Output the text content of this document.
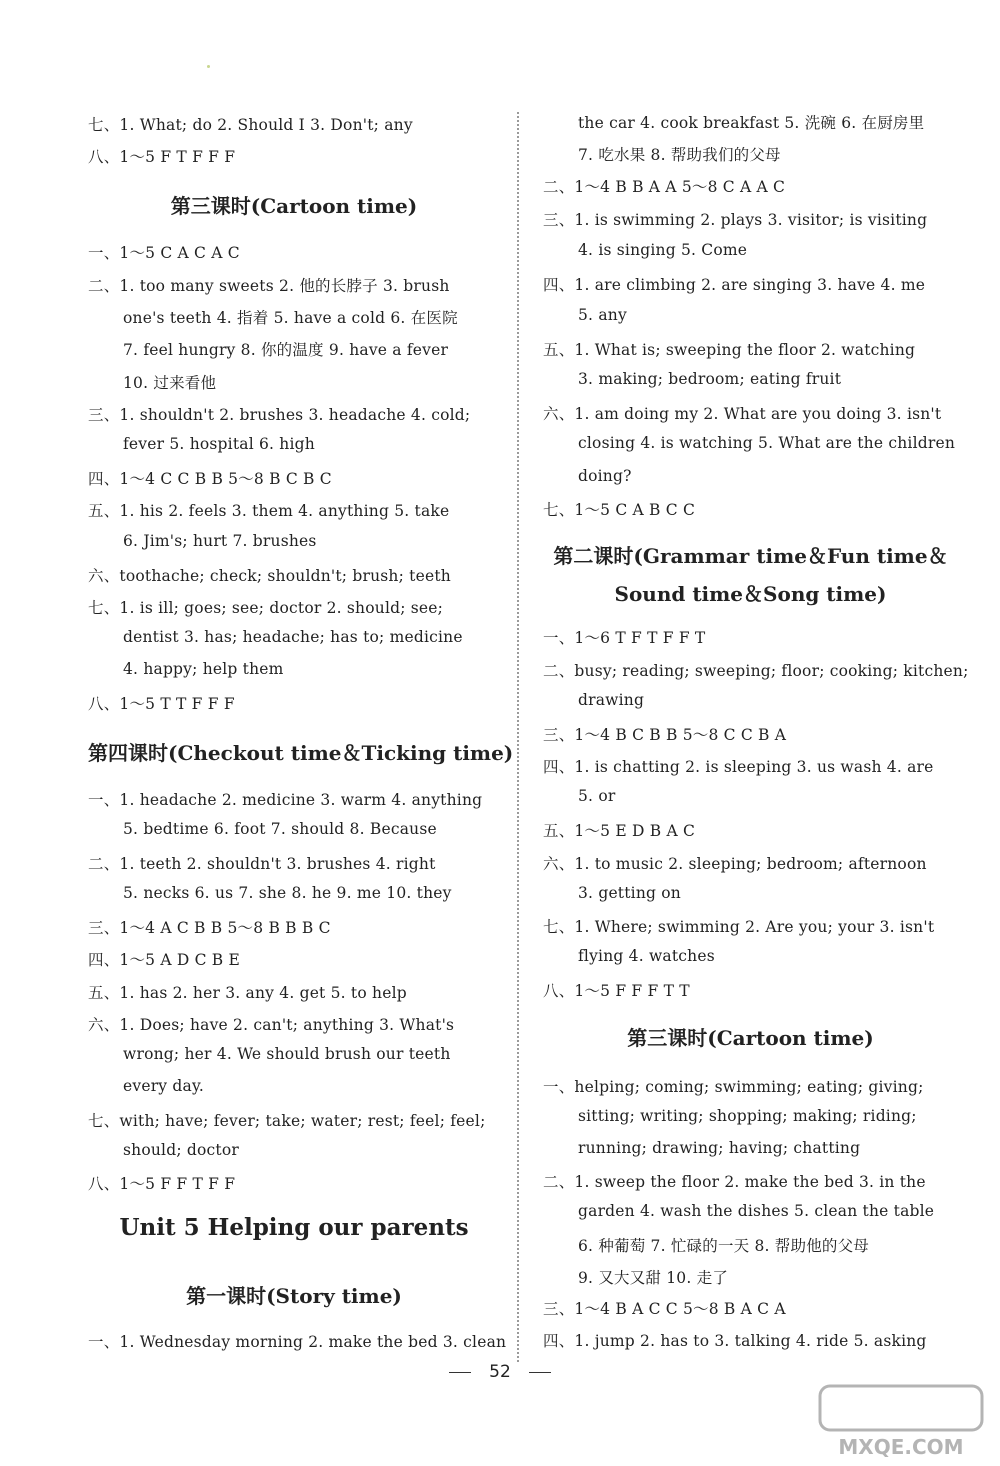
七、1. What; do 2. Should I 3. Don't; any
八、1～5 F T F F F
第三课时(Cartoon time)
一、1～5 C A C A C
二、1. too many sweets 2. 他的长脖子 3. brush
one's teeth 4. 指着 5. have a cold 6. 在医院
7. feel hungry 8. 你的温度 9. have a fever
10. 过来看他
三、1. shouldn't 2. brushes 3. headache 4. cold;
fever 5. hospital 6. high
四、1～4 C C B B 5～8 B C B C
五、1. his 2. feels 3. them 4. anything 5. take
6. Jim's; hurt 7. brushes
六、toothache; check; shouldn't; brush; teeth
七、1. is ill; goes; see; doctor 2. should; see;
dentist 3. has; headache; has to; medicine
4. happy; help them
八、1～5 T T F F F
第四课时(Checkout time＆Ticking time)
一、1. headache 2. medicine 3. warm 4. anything
5. bedtime 6. foot 7. should 8. Because
二、1. teeth 2. shouldn't 3. brushes 4. right
5. necks 6. us 7. she 8. he 9. me 10. they
三、1～4 A C B B 5～8 B B B C
四、1～5 A D C B E
五、1. has 2. her 3. any 4. get 5. to help
六、1. Does; have 2. can't; anything 3. What's
wrong; her 4. We should brush our teeth
every day.
七、with; have; fever; take; water; rest; feel; feel;
should; doctor
八、1～5 F F T F F
Unit 5 Helping our parents
第一课时(Story time)
一、1. Wednesday morning 2. make the bed 3. clean
the car 4. cook breakfast 5. 洗碗 6. 在厨房里
7. 吃水果 8. 帮助我们的父母
二、1～4 B B A A 5～8 C A A C
三、1. is swimming 2. plays 3. visitor; is visiting
4. is singing 5. Come
四、1. are climbing 2. are singing 3. have 4. me
5. any
五、1. What is; sweeping the floor 2. watching
3. making; bedroom; eating fruit
六、1. am doing my 2. What are you doing 3. isn't
closing 4. is watching 5. What are the children
doing?
七、1～5 C A B C C
第二课时(Grammar time＆Fun time＆
Sound time＆Song time)
一、1～6 T F T F F T
二、busy; reading; sweeping; floor; cooking; kitchen;
drawing
三、1～4 B C B B 5～8 C C B A
四、1. is chatting 2. is sleeping 3. us wash 4. are
5. or
五、1～5 E D B A C
六、1. to music 2. sleeping; bedroom; afternoon
3. getting on
七、1. Where; swimming 2. Are you; your 3. isn't
flying 4. watches
八、1～5 F F F T T
第三课时(Cartoon time)
一、helping; coming; swimming; eating; giving;
sitting; writing; shopping; making; riding;
running; drawing; having; chatting
二、1. sweep the floor 2. make the bed 3. in the
garden 4. wash the dishes 5. clean the table
6. 种葡萄 7. 忙碌的一天 8. 帮助他的父母
9. 又大又甜 10. 走了
三、1～4 B A C C 5～8 B A C A
四、1. jump 2. has to 3. talking 4. ride 5. asking
52
MXQE.COM
